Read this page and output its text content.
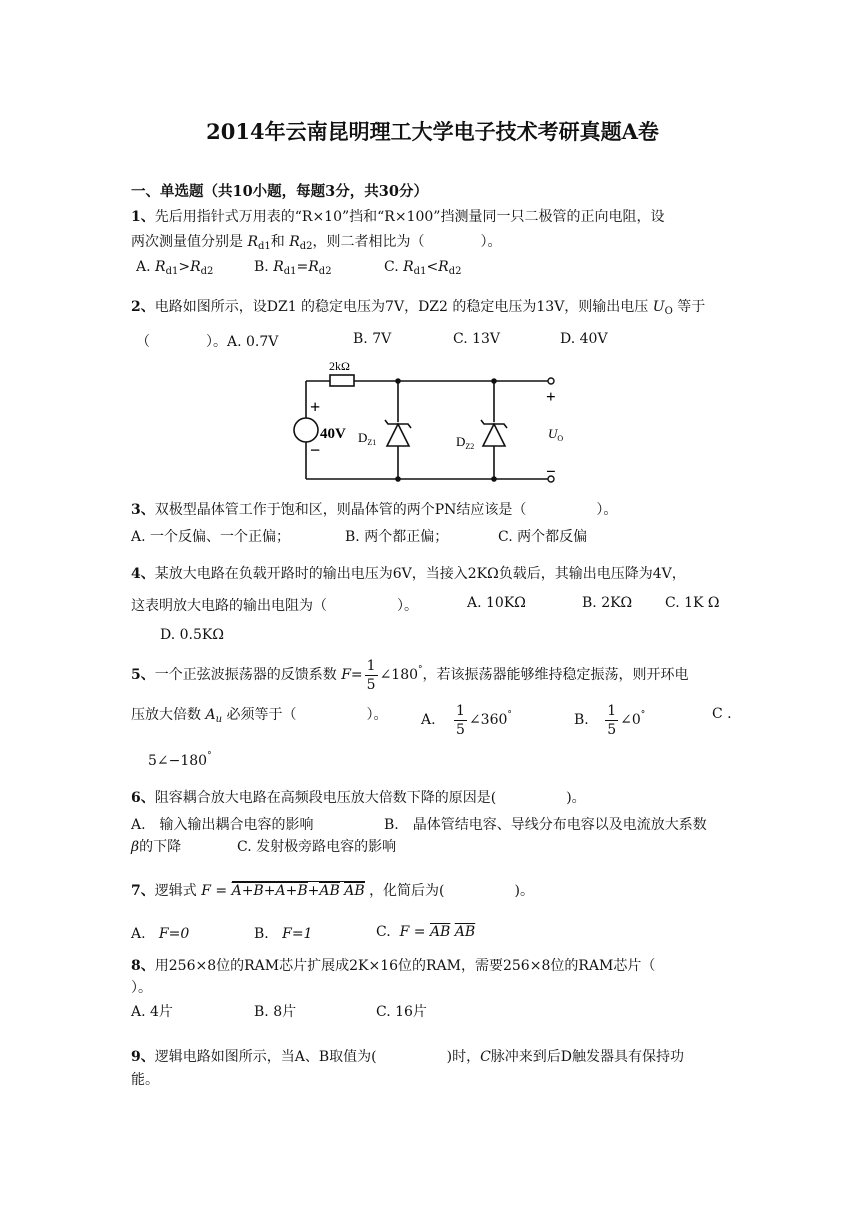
2014年云南昆明理工大学电子技术考研真题A卷
一、单选题（共10小题，每题3分，共30分）
1、先后用指针式万用表的“R×10”挡和“R×100”挡测量同一只二极管的正向电阻，设
两次测量值分别是 $R_{d1}$和 $R_{d2}$，则二者相比为（　　　　）。
A. $R_{d1}>R_{d2}$	B. $R_{d1}=R_{d2}$	C. $R_{d1}<R_{d2}$
2、电路如图所示，设DZ1 的稳定电压为7V，DZ2 的稳定电压为13V，则输出电压 $U_O$ 等于
（　　　　）。A. 0.7V	B. 7V	C. 13V	D. 40V
2kΩ
+
40V
−
$D_{Z1}$	$D_{Z2}$
+
$U_O$
−
3、双极型晶体管工作于饱和区，则晶体管的两个PN结应该是（　　　　　）。
A. 一个反偏、一个正偏；	B. 两个都正偏；	C. 两个都反偏
4、某放大电路在负载开路时的输出电压为6V，当接入2KΩ负载后，其输出电压降为4V，
这表明放大电路的输出电阻为（　　　　　）。	A. 10KΩ	B. 2KΩ C. 1K Ω
D. 0.5KΩ
5、一个正弦波振荡器的反馈系数 $F= \frac{1}{5}$ ∠180°，若该振荡器能够维持稳定振荡，则开环电
压放大倍数 $A_u$ 必须等于（　　　　　）。 A. $\frac{1}{5}$ ∠360°	B. $\frac{1}{5}$ ∠0°	C .
5∠−180°
6、阻容耦合放大电路在高频段电压放大倍数下降的原因是(　　　　　)。
A.　输入输出耦合电容的影响	B.　晶体管结电容、导线分布电容以及电流放大系数
β的下降	C. 发射极旁路电容的影响
7、逻辑式 $F = \overline{A}+B+A+\overline{B}+\overline{AB}$ $\overline{AB}$ ，化简后为(　　　　　)。
A. F=0	B. F=1	C. $F = \overline{AB}$ $\overline{AB}$
8、用256×8位的RAM芯片扩展成2K×16位的RAM，需要256×8位的RAM芯片（
）。
A. 4片	B. 8片	C. 16片
9、逻辑电路如图所示，当A、B取值为(　　　　　)时，C脉冲来到后D触发器具有保持功
能。
